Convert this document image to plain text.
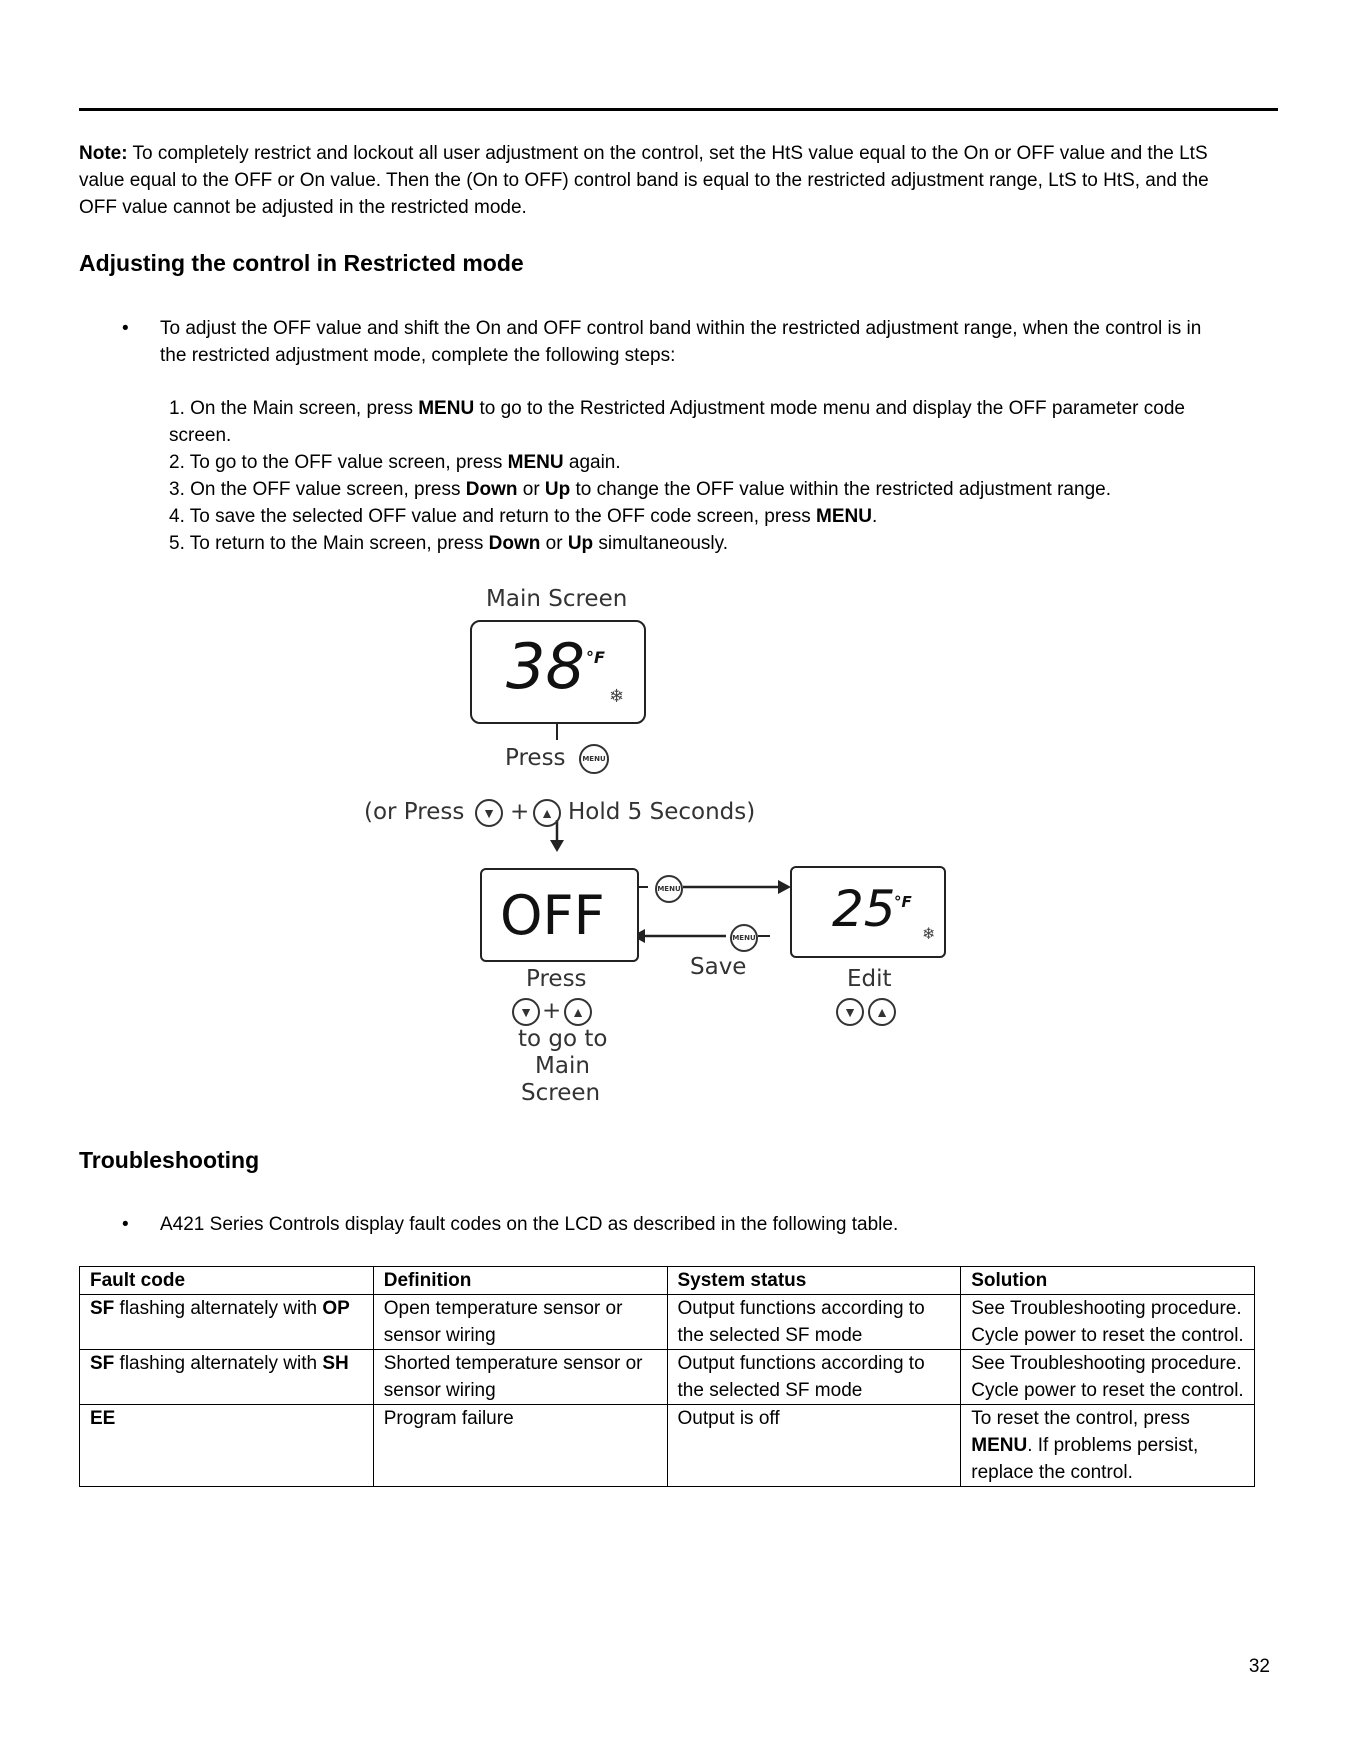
Note: To completely restrict and lockout all user adjustment on the control, set the HtS value equal to the On or OFF value and the LtS value equal to the OFF or On value. Then the (On to OFF) control band is equal to the restricted adjustment range, LtS to HtS, and the OFF value cannot be adjusted in the restricted mode.
Adjusting the control in Restricted mode
• To adjust the OFF value and shift the On and OFF control band within the restricted adjustment range, when the control is in the restricted adjustment mode, complete the following steps:
1. On the Main screen, press MENU to go to the Restricted Adjustment mode menu and display the OFF parameter code screen.
2. To go to the OFF value screen, press MENU again.
3. On the OFF value screen, press Down or Up to change the OFF value within the restricted adjustment range.
4. To save the selected OFF value and return to the OFF code screen, press MENU.
5. To return to the Main screen, press Down or Up simultaneously.
Main Screen
38 °F
❄
Press	MENU
(or Press	▼ + ▲ Hold 5 Seconds)
OFF	MENU
MENU 25
°F
❄
Save
Press
▼ + ▲
to go to
Main
Screen
Edit
▼	▲
Troubleshooting
• A421 Series Controls display fault codes on the LCD as described in the following table.
Fault code	Definition	System status	Solution
SF flashing alternately with OP	Open temperature sensor or sensor wiring	Output functions according to the selected SF mode	See Troubleshooting procedure. Cycle power to reset the control.
SF flashing alternately with SH	Shorted temperature sensor or sensor wiring	Output functions according to the selected SF mode	See Troubleshooting procedure. Cycle power to reset the control.
EE	Program failure	Output is off	To reset the control, press MENU. If problems persist, replace the control.
32
